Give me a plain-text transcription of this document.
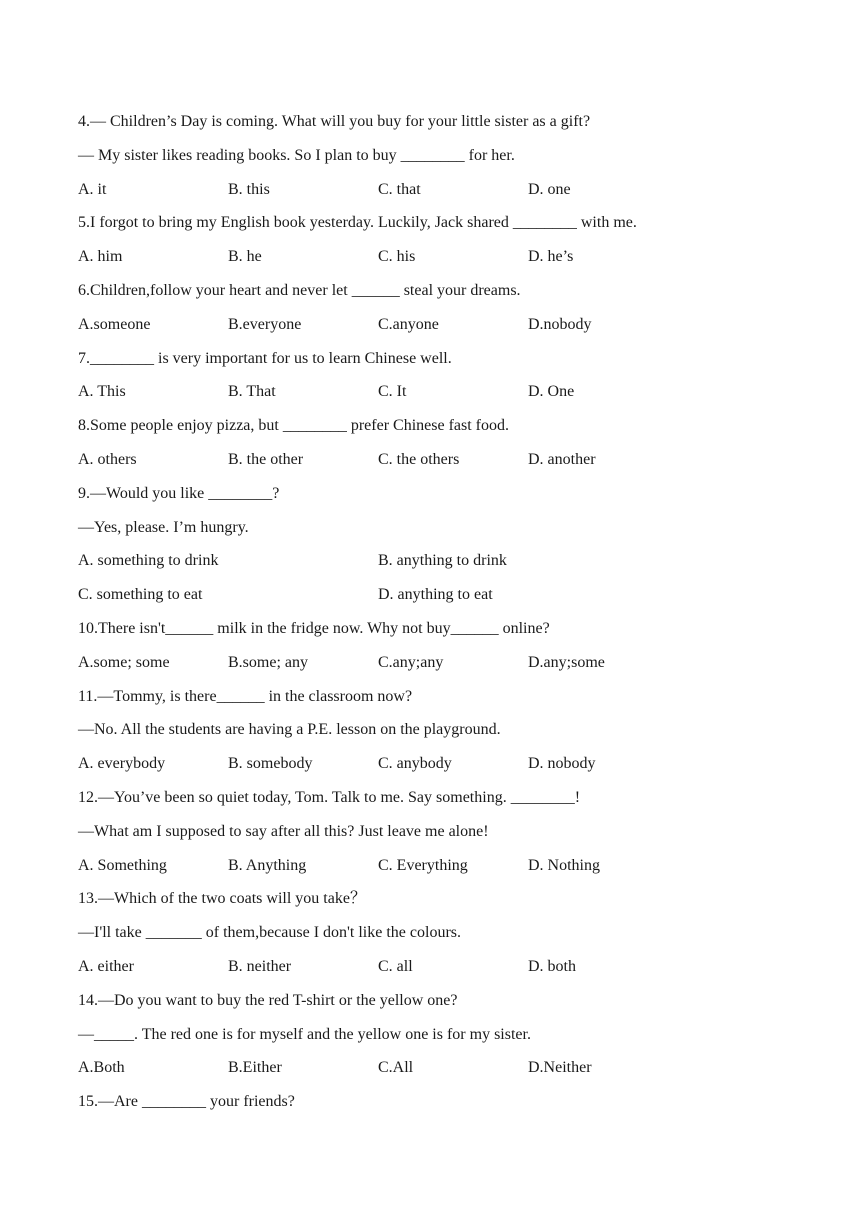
4.— Children’s Day is coming. What will you buy for your little sister as a gift?
— My sister likes reading books. So I plan to buy ________ for her.
A. it	B. this	C. that	D. one
5.I forgot to bring my English book yesterday. Luckily, Jack shared ________ with me.
A. him	B. he	C. his	D. he’s
6.Children,follow your heart and never let ______ steal your dreams.
A.someone	B.everyone	C.anyone	D.nobody
7.________ is very important for us to learn Chinese well.
A. This	B. That	C. It	D. One
8.Some people enjoy pizza, but ________ prefer Chinese fast food.
A. others	B. the other	C. the others	D. another
9.—Would you like ________?
—Yes, please. I’m hungry.
A. something to drink	B. anything to drink
C. something to eat	D. anything to eat
10.There isn't______ milk in the fridge now. Why not buy______ online?
A.some; some	B.some; any	C.any;any	D.any;some
11.—Tommy, is there______ in the classroom now?
—No. All the students are having a P.E. lesson on the playground.
A. everybody	B. somebody	C. anybody	D. nobody
12.—You’ve been so quiet today, Tom. Talk to me. Say something. ________!
—What am I supposed to say after all this? Just leave me alone!
A. Something	B. Anything	C. Everything	D. Nothing
13.—Which of the two coats will you take？
—I'll take _______ of them,because I don't like the colours.
A. either	B. neither	C. all	D. both
14.—Do you want to buy the red T-shirt or the yellow one?
—_____. The red one is for myself and the yellow one is for my sister.
A.Both	B.Either	C.All	D.Neither
15.—Are ________ your friends?
